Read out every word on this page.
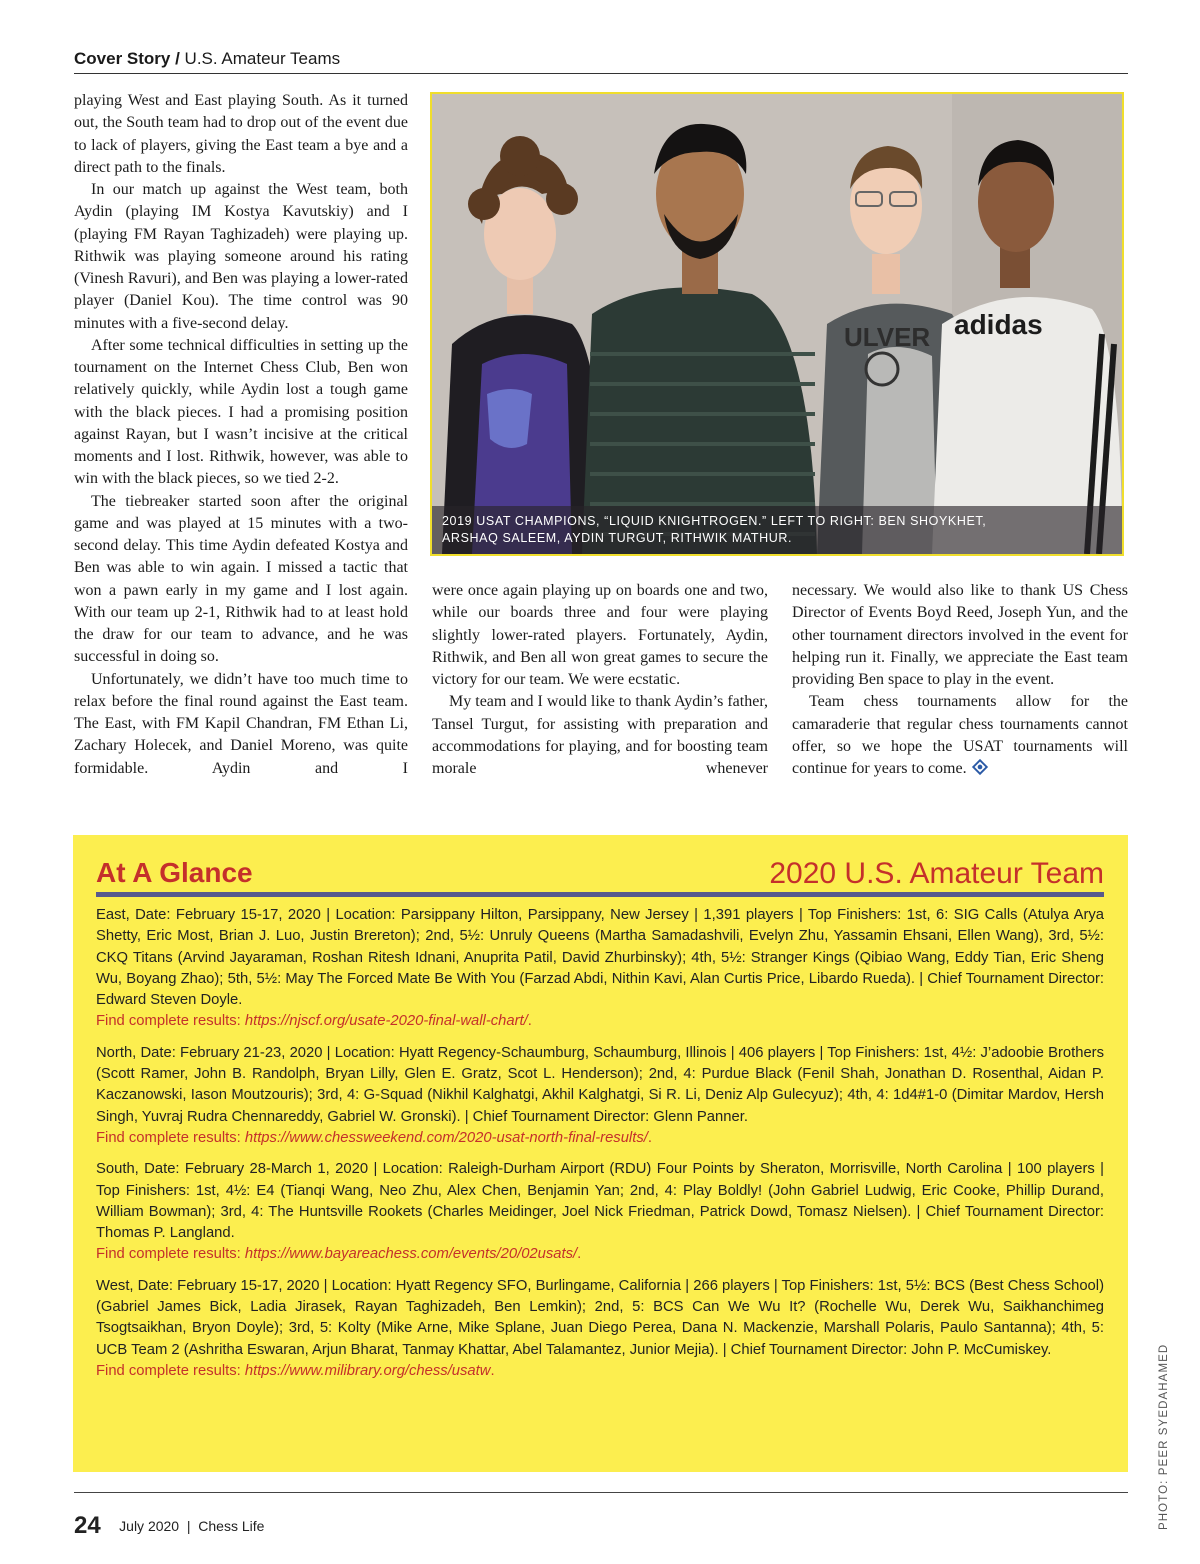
Cover Story / U.S. Amateur Teams

playing West and East playing South. As it turned out, the South team had to drop out of the event due to lack of players, giving the East team a bye and a direct path to the finals.

In our match up against the West team, both Aydin (playing IM Kostya Kavutskiy) and I (playing FM Rayan Taghizadeh) were playing up. Rithwik was playing someone around his rating (Vinesh Ravuri), and Ben was playing a lower-rated player (Daniel Kou). The time control was 90 minutes with a five-second delay.

After some technical difficulties in setting up the tournament on the Internet Chess Club, Ben won relatively quickly, while Aydin lost a tough game with the black pieces. I had a promising position against Rayan, but I wasn’t incisive at the critical moments and I lost. Rithwik, however, was able to win with the black pieces, so we tied 2-2.

The tiebreaker started soon after the original game and was played at 15 minutes with a two-second delay. This time Aydin defeated Kostya and Ben was able to win again. I missed a tactic that won a pawn early in my game and I lost again. With our team up 2-1, Rithwik had to at least hold the draw for our team to advance, and he was successful in doing so.

Unfortunately, we didn’t have too much time to relax before the final round against the East team. The East, with FM Kapil Chandran, FM Ethan Li, Zachary Holecek, and Daniel Moreno, was quite formidable. Aydin and I

ULVER adidas
2019 USAT CHAMPIONS, “LIQUID KNIGHTROGEN.” LEFT TO RIGHT: BEN SHOYKHET,
ARSHAQ SALEEM, AYDIN TURGUT, RITHWIK MATHUR.

were once again playing up on boards one and two, while our boards three and four were playing slightly lower-rated players. Fortunately, Aydin, Rithwik, and Ben all won great games to secure the victory for our team. We were ecstatic.

My team and I would like to thank Aydin’s father, Tansel Turgut, for assisting with preparation and accommodations for playing, and for boosting team morale whenever

necessary. We would also like to thank US Chess Director of Events Boyd Reed, Joseph Yun, and the other tournament directors involved in the event for helping run it. Finally, we appreciate the East team providing Ben space to play in the event.

Team chess tournaments allow for the camaraderie that regular chess tournaments cannot offer, so we hope the USAT tournaments will continue for years to come.

At A Glance	2020 U.S. Amateur Team
East, Date: February 15-17, 2020 | Location: Parsippany Hilton, Parsippany, New Jersey | 1,391 players | Top Finishers: 1st, 6: SIG Calls (Atulya Arya Shetty, Eric Most, Brian J. Luo, Justin Brereton); 2nd, 5½: Unruly Queens (Martha Samadashvili, Evelyn Zhu, Yassamin Ehsani, Ellen Wang), 3rd, 5½: CKQ Titans (Arvind Jayaraman, Roshan Ritesh Idnani, Anuprita Patil, David Zhurbinsky); 4th, 5½: Stranger Kings (Qibiao Wang, Eddy Tian, Eric Sheng Wu, Boyang Zhao); 5th, 5½: May The Forced Mate Be With You (Farzad Abdi, Nithin Kavi, Alan Curtis Price, Libardo Rueda). | Chief Tournament Director: Edward Steven Doyle.
Find complete results: https://njscf.org/usate-2020-final-wall-chart/.
North, Date: February 21-23, 2020 | Location: Hyatt Regency-Schaumburg, Schaumburg, Illinois | 406 players | Top Finishers: 1st, 4½: J’adoobie Brothers (Scott Ramer, John B. Randolph, Bryan Lilly, Glen E. Gratz, Scot L. Henderson); 2nd, 4: Purdue Black (Fenil Shah, Jonathan D. Rosenthal, Aidan P. Kaczanowski, Iason Moutzouris); 3rd, 4: G-Squad (Nikhil Kalghatgi, Akhil Kalghatgi, Si R. Li, Deniz Alp Gulecyuz); 4th, 4: 1d4#1-0 (Dimitar Mardov, Hersh Singh, Yuvraj Rudra Chennareddy, Gabriel W. Gronski). | Chief Tournament Director: Glenn Panner.
Find complete results: https://www.chessweekend.com/2020-usat-north-final-results/.
South, Date: February 28-March 1, 2020 | Location: Raleigh-Durham Airport (RDU) Four Points by Sheraton, Morrisville, North Carolina | 100 players | Top Finishers: 1st, 4½: E4 (Tianqi Wang, Neo Zhu, Alex Chen, Benjamin Yan; 2nd, 4: Play Boldly! (John Gabriel Ludwig, Eric Cooke, Phillip Durand, William Bowman); 3rd, 4: The Huntsville Rookets (Charles Meidinger, Joel Nick Friedman, Patrick Dowd, Tomasz Nielsen). | Chief Tournament Director: Thomas P. Langland.
Find complete results: https://www.bayareachess.com/events/20/02usats/.
West, Date: February 15-17, 2020 | Location: Hyatt Regency SFO, Burlingame, California | 266 players | Top Finishers: 1st, 5½: BCS (Best Chess School) (Gabriel James Bick, Ladia Jirasek, Rayan Taghizadeh, Ben Lemkin); 2nd, 5: BCS Can We Wu It? (Rochelle Wu, Derek Wu, Saikhanchimeg Tsogtsaikhan, Bryon Doyle); 3rd, 5: Kolty (Mike Arne, Mike Splane, Juan Diego Perea, Dana N. Mackenzie, Marshall Polaris, Paulo Santanna); 4th, 5: UCB Team 2 (Ashritha Eswaran, Arjun Bharat, Tanmay Khattar, Abel Talamantez, Junior Mejia). | Chief Tournament Director: John P. McCumiskey.
Find complete results: https://www.milibrary.org/chess/usatw.	PHOTO: PEER SYEDAHAMED
24 July 2020  |  Chess Life
